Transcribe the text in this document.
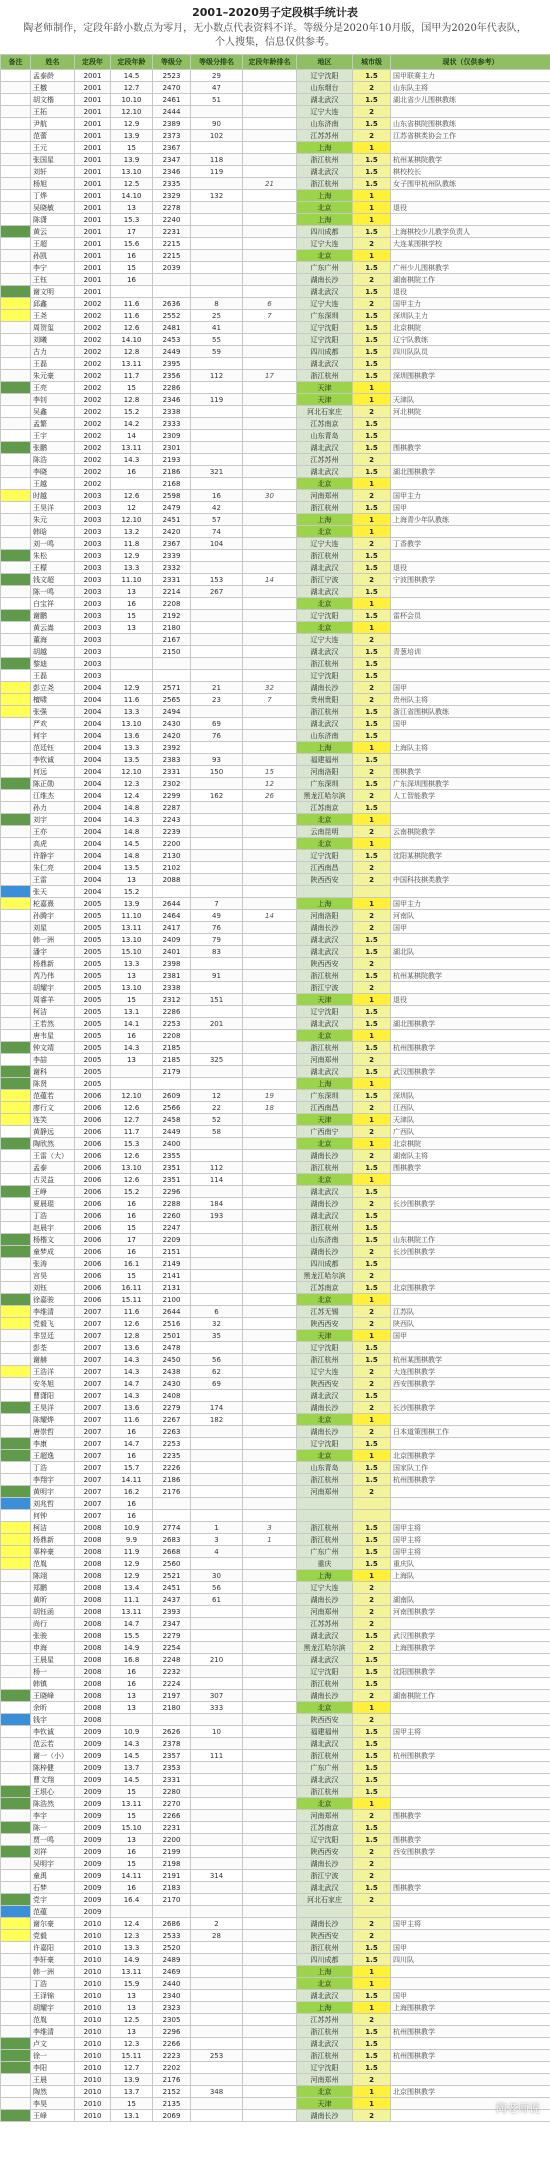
2001–2020男子定段棋手统计表
陶老师制作，定段年龄小数点为零月，无小数点代表资料不详。等级分是2020年10月版，国甲为2020年代表队，个人搜集，信息仅供参考。
备注	姓名	定段年	定段年龄	等级分	等级分排名	定段年龄排名	地区	城市级	现状（仅供参考）
	孟泰龄	2001	14.5	2523	29		辽宁沈阳	1.5	国甲联赛主力
	王檄	2001	12.7	2470	47		山东烟台	2	山东队主将
	胡文楷	2001	10.10	2461	51		湖北武汉	1.5	湖北省少儿围棋教练
	王拓	2001	12.10	2444			辽宁大连	2	
	尹航	2001	12.9	2389	90		山东济南	1.5	山东省棋院围棋教练
	范蕾	2001	13.9	2373	102		江苏苏州	2	江苏省棋类协会工作
	王元	2001	15	2367			上海	1	
	张国星	2001	13.9	2347	118		浙江杭州	1.5	杭州某棋院教学
	刘轩	2001	13.10	2346	119		湖北武汉	1.5	棋校校长
	杨旭	2001	12.5	2335		21	浙江杭州	1.5	女子围甲杭州队教练
	丁烨	2001	14.10	2329	132		上海	1	
	吴晓敏	2001	13	2278			北京	1	退役
	陈潇	2001	15.3	2240			上海	1	
	黄云	2001	17	2231			四川成都	1.5	上海棋校少儿教学负责人
	王超	2001	15.6	2215			辽宁大连	2	大连某围棋学校
	孙凯	2001	16	2215			北京	1	
	李宁	2001	15	2039			广东广州	1.5	广州少儿围棋教学
	王钰	2001	16				湖南长沙	2	湖南棋院工作
	谢文明	2001					湖北武汉	1.5	退役
	邱鑫	2002	11.6	2636	8	6	辽宁大连	2	国甲主力
	王尧	2002	11.6	2552	25	7	广东深圳	1.5	深圳队主力
	周贺玺	2002	12.6	2481	41		辽宁沈阳	1.5	北京棋院
	刘曦	2002	14.10	2453	55		辽宁沈阳	1.5	辽宁队教练
	古力	2002	12.8	2449	59		四川成都	1.5	四川队队员
	王磊	2002	13.11	2395			湖北武汉	1.5	
	朱元豪	2002	11.7	2356	112	17	浙江杭州	1.5	深圳围棋教学
	王亮	2002	15	2286			天津	1	
	李钊	2002	12.8	2346	119		天津	1	天津队
	吴鑫	2002	15.2	2338			河北石家庄	2	河北棋院
	孟繁	2002	14.2	2333			江苏南京	1.5	
	王宇	2002	14	2309			山东青岛	1.5	
	张鹏	2002	13.11	2301			湖北武汉	1.5	围棋教学
	陈浩	2002	14.3	2193			江苏苏州	2	
	李晓	2002	16	2186	321		湖北武汉	1.5	湖北围棋教学
	王越	2002		2168			北京	1	
	时越	2003	12.6	2598	16	30	河南郑州	2	国甲主力
	王昊洋	2003	12	2479	42		浙江杭州	1.5	国甲
	朱元	2003	12.10	2451	57		上海	1	上海青少年队教练
	韩晗	2003	13.2	2420	74		北京	1	
	刘一鸣	2003	11.8	2367	104		辽宁大连	2	丁香教学
	朱松	2003	12.9	2339			浙江杭州	1.5	
	王檬	2003	13.3	2332			湖北武汉	1.5	退役
	钱文超	2003	11.10	2331	153	14	浙江宁波	2	宁波围棋教学
	陈一鸣	2003	13	2214	267		湖北武汉	1.5	
	白宝祥	2003	16	2208			北京	1	
	谢鹏	2003	15	2192			辽宁沈阳	1.5	雷杯会员
	黄云嵩	2003	13	2180			北京	1	
	董海	2003		2167			辽宁大连	2	
	胡越	2003		2150			湖北武汉	1.5	青葱培训
	黎迪	2003					浙江杭州	1.5	
	王磊	2003					辽宁沈阳	1.5	
	彭立尧	2004	12.9	2571	21	32	湖南长沙	2	国甲
	檀啸	2004	11.6	2565	23	7	贵州贵阳	2	贵州队主将
	张强	2004	13.3	2494			浙江杭州	1.5	浙江省围棋队教练
	严欢	2004	13.10	2430	69		湖北武汉	1.5	国甲
	何宇	2004	13.6	2420	76		山东济南	1.5	
	范廷钰	2004	13.3	2392			上海	1	上海队主将
	李钦诚	2004	13.5	2383	93		福建福州	1.5	
	何远	2004	12.10	2331	150	15	河南洛阳	2	围棋教学
	陈正勋	2004	12.3	2302		12	广东深圳	1.5	广东深圳围棋教学
	江维杰	2004	12.4	2299	162	26	黑龙江哈尔滨	2	人工智能教学
	孙力	2004	14.8	2287			江苏南京	1.5	
	刘宇	2004	14.3	2243			北京	1	
	王亦	2004	14.8	2239			云南昆明	2	云南棋院教学
	高虎	2004	14.5	2200			北京	1	
	许静宇	2004	14.8	2130			辽宁沈阳	1.5	沈阳某棋院教学
	朱仁亮	2004	13.5	2102			江西南昌	2	
	王雷	2004	13	2088			陕西西安	2	中国科技棋类教学
	张天	2004	15.2						
	柁嘉熹	2005	13.9	2644	7		上海	1	国甲主力
	孙腾宇	2005	11.10	2464	49	14	河南洛阳	2	河南队
	刘星	2005	13.11	2417	76		湖南长沙	2	国甲
	韩一洲	2005	13.10	2409	79		湖北武汉	1.5	
	潘宇	2005	15.10	2401	83		湖北武汉	1.5	湖北队
	杨鼎新	2005	13.3	2398			陕西西安	2	
	芮乃伟	2005	13	2381	91		浙江杭州	1.5	杭州某棋院教学
	胡耀宇	2005	13.10	2338			浙江宁波	2	
	周睿羊	2005	15	2312	151		天津	1	退役
	柯洁	2005	13.1	2286			辽宁沈阳	1.5	
	王若然	2005	14.1	2253	201		湖北武汉	1.5	湖北围棋教学
	唐韦星	2005	16	2208			北京	1	
	钟文靖	2005	14.3	2185			浙江杭州	1.5	杭州围棋教学
	李喆	2005	13	2185	325		河南郑州	2	
	谢科	2005		2179			湖北武汉	1.5	武汉围棋教学
	陈贤	2005					上海	1	
	范蕴若	2006	12.10	2609	12	19	广东深圳	1.5	深圳队
	廖行文	2006	12.6	2566	22	18	江西南昌	2	江西队
	连笑	2006	12.7	2458	52		天津	1	天津队
	黄静远	2006	11.7	2449	58		广西南宁	2	广西队
	陶欣然	2006	15.3	2400			北京	1	北京棋院
	王雷（大）	2006	12.6	2355			湖南长沙	2	湖南队主将
	孟泰	2006	13.10	2351	112		浙江杭州	1.5	围棋教学
	古灵益	2006	12.6	2351	114		北京	1	
	王峥	2006	15.2	2296			湖北武汉	1.5	
	夏晨琨	2006	16	2288	184		湖南长沙	2	长沙围棋教学
	丁浩	2006	16	2260	193		湖北武汉	1.5	
	赵晨宇	2006	15	2247			浙江杭州	1.5	
	杨楷文	2006	17	2209			山东济南	1.5	山东棋院工作
	童梦成	2006	16	2151			湖南长沙	2	长沙围棋教学
	张涛	2006	16.1	2149			四川成都	1.5	
	宫昊	2006	15	2141			黑龙江哈尔滨	2	
	刘钰	2006	16.11	2131			江苏南京	1.5	北京围棋教学
	徐嘉骏	2006	15.11	2100			北京	1	
	李维清	2007	11.6	2644	6		江苏无锡	2	江苏队
	党毅飞	2007	12.6	2516	32		陕西西安	2	陕西队
	芈昱廷	2007	12.8	2501	35		天津	1	国甲
	彭荃	2007	13.6	2478			辽宁沈阳	1.5	
	谢赫	2007	14.3	2450	56		浙江杭州	1.5	杭州某围棋教学
	王浩洋	2007	14.3	2438	62		辽宁大连	2	大连围棋教学
	安冬旭	2007	14.7	2430	69		陕西西安	2	西安围棋教学
	曹潇阳	2007	14.3	2408			湖北武汉	1.5	
	王昊洋	2007	13.6	2279	174		湖南长沙	2	长沙围棋教学
	陈耀烨	2007	11.6	2267	182		北京	1	
	唐崇哲	2007	16	2263			湖南长沙	2	日本道策围棋工作
	李康	2007	14.7	2253			辽宁沈阳	1.5	
	王超逸	2007	16	2235			北京	1	北京围棋教学
	丁浩	2007	15.7	2226			山东青岛	1.5	国家队工作
	李翔宇	2007	14.11	2186			浙江杭州	1.5	杭州围棋教学
	黄明宇	2007	16.2	2176			河南郑州	2	
	刘兆哲	2007	16						
	何钟	2007	16						
	柯洁	2008	10.9	2774	1	3	浙江杭州	1.5	国甲主将
	杨鼎新	2008	9.9	2683	3	1	浙江杭州	1.5	国甲主将
	辜梓豪	2008	11.9	2668	4		广东广州	1.5	国甲主将
	范胤	2008	12.9	2560			重庆	1.5	重庆队
	陈翊	2008	12.9	2521	30		上海	1	上海队
	郑鹏	2008	13.4	2451	56		辽宁大连	2	
	黄昕	2008	11.1	2437	61		湖南长沙	2	湖南队
	胡钰函	2008	13.11	2393			河南郑州	2	河南围棋教学
	尚行	2008	14.7	2347			江苏苏州	2	
	张骏	2008	15.5	2279			湖北武汉	1.5	武汉围棋教学
	申海	2008	14.9	2254			黑龙江哈尔滨	2	上海围棋教学
	王晨星	2008	16.8	2248	210		湖北武汉	1.5	
	杨一	2008	16	2232			辽宁沈阳	1.5	沈阳围棋教学
	韩镇	2008	16	2224			浙江杭州	1.5	
	王晓峰	2008	13	2197	307		湖南长沙	2	湖南棋院工作
	余昕	2008	13	2180	333		北京	1	
	钱宇	2008					陕西西安	2	
	李钦诚	2009	10.9	2626	10		福建福州	1.5	国甲主将
	范云若	2009	14.3	2378			湖北武汉	1.5	
	谢一（小）	2009	14.5	2357	111		浙江杭州	1.5	杭州围棋教学
	陈梓健	2009	13.7	2353			广东广州	1.5	
	曹文翔	2009	14.5	2331			湖北武汉	1.5	
	王垠心	2009	15	2280			浙江杭州	1.5	
	陈浩然	2009	13.11	2270			北京	1	
	李宇	2009	15	2266			河南郑州	2	围棋教学
	陈一	2009	15.10	2231			江苏南京	1.5	
	贾一鸣	2009	13	2200			辽宁沈阳	1.5	围棋教学
	刘祥	2009	16	2199			陕西西安	2	西安围棋教学
	吴明宇	2009	15	2198			湖南长沙	2	
	童禹	2009	14.11	2191	314		浙江宁波	2	
	石梦	2009	16	2183			湖北武汉	1.5	围棋教学
	党宇	2009	16.4	2170			河北石家庄	2	
	范蕴	2009							
	谢尔豪	2010	12.4	2686	2		湖南长沙	2	国甲主将
	党毅	2010	12.3	2533	28		陕西西安	2	
	许嘉阳	2010	13.3	2520			浙江杭州	1.5	国甲
	李轩豪	2010	14.9	2489			四川成都	1.5	四川队
	韩一洲	2010	13.11	2469			上海	1	
	丁浩	2010	15.9	2440			北京	1	
	王泽锦	2010	13	2340			湖北武汉	1.5	国甲
	胡耀宇	2010	13	2323			上海	1	上海围棋教学
	范胤	2010	12.5	2305			江苏苏州	2	
	李维清	2010	13	2296			浙江杭州	1.5	杭州围棋教学
	卢文	2010	12.3	2266			湖北武汉	1.5	
	徐一	2010	15.11	2223	253		浙江杭州	1.5	杭州围棋教学
	李阳	2010	12.7	2202			辽宁沈阳	1.5	
	王晨	2010	13.9	2176			河南郑州	2	
	陶然	2010	13.7	2152	348		北京	1	北京围棋教学
	李昊	2010	15	2135			天津	1	
	王峰	2010	13.1	2069			湖南长沙	2	
陶老师说
